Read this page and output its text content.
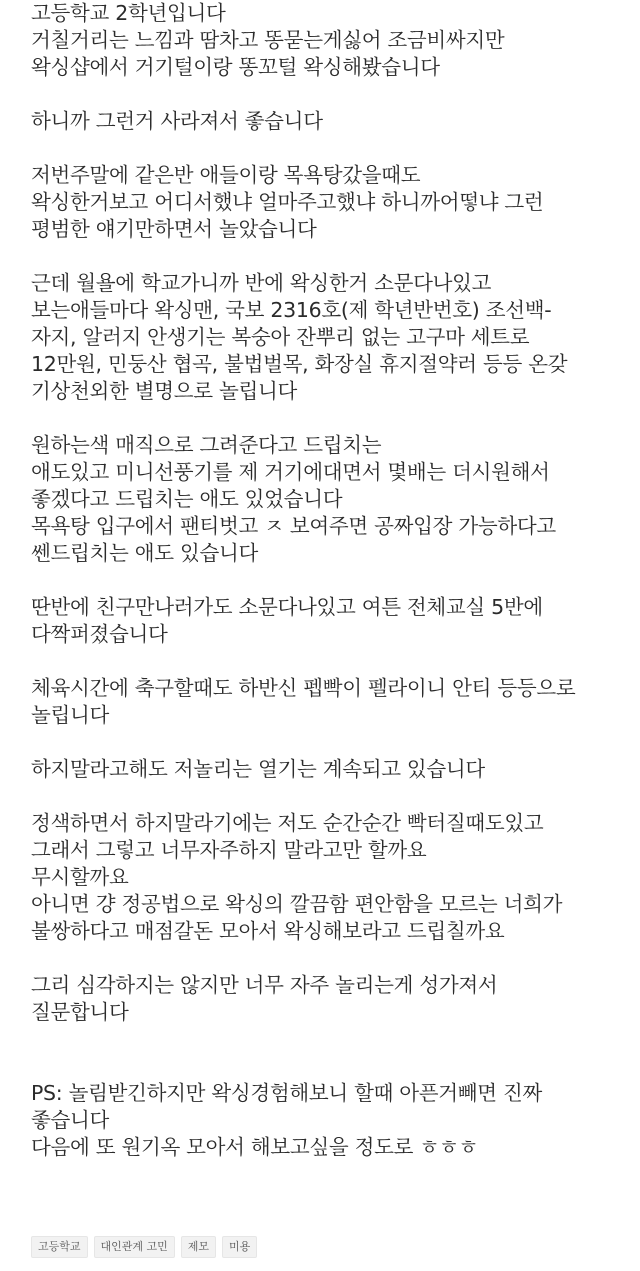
고등학교 2학년입니다
거칠거리는 느낌과 땀차고 똥묻는게싫어 조금비싸지만
왁싱샵에서 거기털이랑 똥꼬털 왁싱해봤습니다
하니까 그런거 사라져서 좋습니다
저번주말에 같은반 애들이랑 목욕탕갔을때도
왁싱한거보고 어디서했냐 얼마주고했냐 하니까어떻냐 그런
평범한 얘기만하면서 놀았습니다
근데 월욜에 학교가니까 반에 왁싱한거 소문다나있고
보는애들마다 왁싱맨, 국보 2316호(제 학년반번호) 조선백-
자지, 알러지 안생기는 복숭아 잔뿌리 없는 고구마 세트로
12만원, 민둥산 협곡, 불법벌목, 화장실 휴지절약러 등등 온갖
기상천외한 별명으로 놀립니다
원하는색 매직으로 그려준다고 드립치는
애도있고 미니선풍기를 제 거기에대면서 몇배는 더시원해서
좋겠다고 드립치는 애도 있었습니다
목욕탕 입구에서 팬티벗고 ㅈ 보여주면 공짜입장 가능하다고
쎈드립치는 애도 있습니다
딴반에 친구만나러가도 소문다나있고 여튼 전체교실 5반에
다짝퍼졌습니다
체육시간에 축구할때도 하반신 펩빡이 펠라이니 안티 등등으로
놀립니다
하지말라고해도 저놀리는 열기는 계속되고 있습니다
정색하면서 하지말라기에는 저도 순간순간 빡터질때도있고
그래서 그렇고 너무자주하지 말라고만 할까요
무시할까요
아니면 걍 정공법으로 왁싱의 깔끔함 편안함을 모르는 너희가
불쌍하다고 매점갈돈 모아서 왁싱해보라고 드립칠까요
그리 심각하지는 않지만 너무 자주 놀리는게 성가져서
질문합니다
PS: 놀림받긴하지만 왁싱경험해보니 할때 아픈거빼면 진짜
좋습니다
다음에 또 원기옥 모아서 해보고싶을 정도로 ㅎㅎㅎ
고등학교	대인관계 고민	제모	미용
